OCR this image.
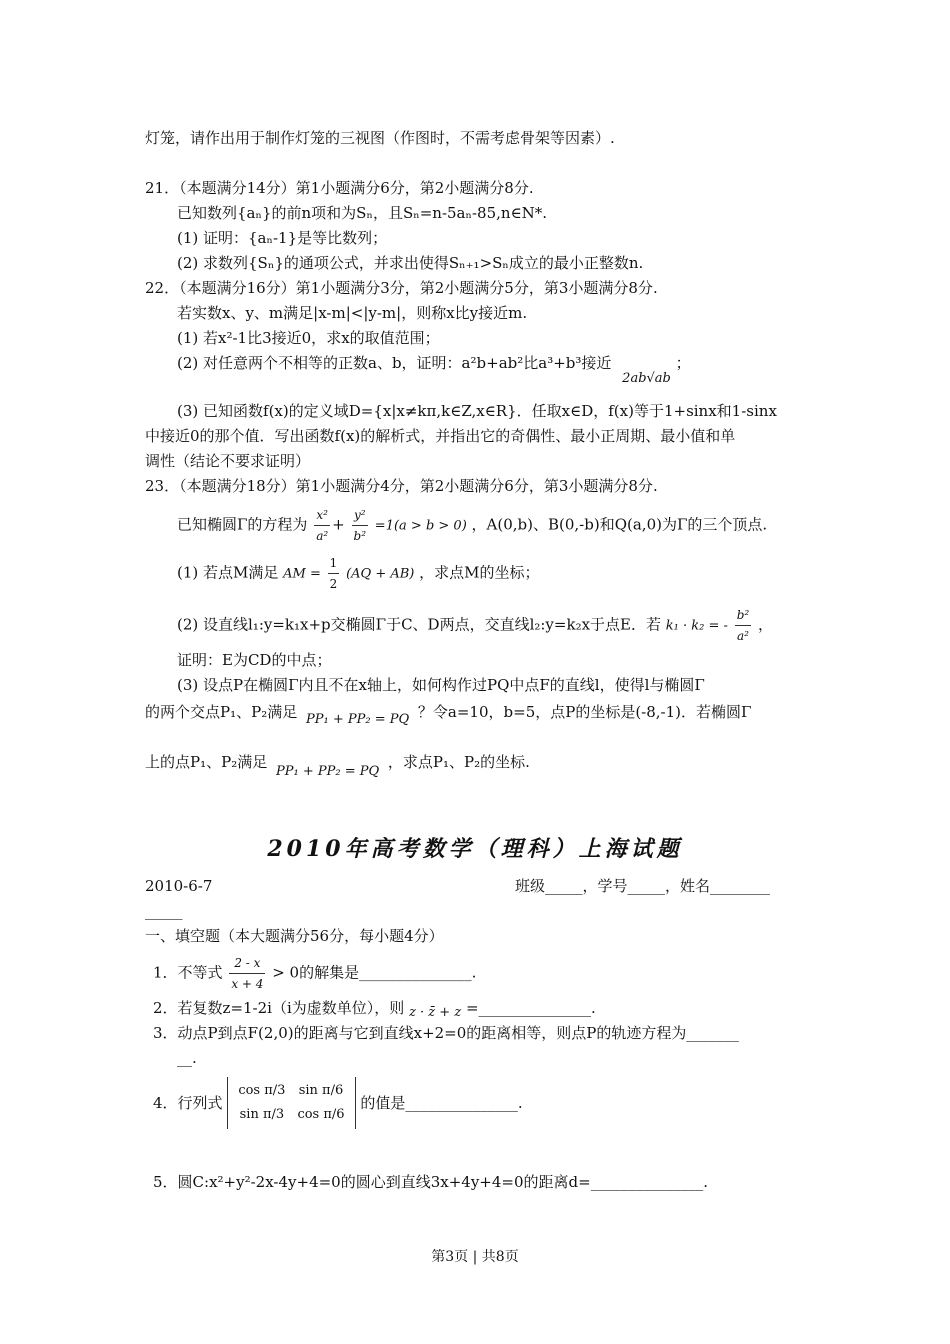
灯笼，请作出用于制作灯笼的三视图（作图时，不需考虑骨架等因素）.
21．（本题满分14分）第1小题满分6分，第2小题满分8分.
已知数列{aₙ}的前n项和为Sₙ，且Sₙ=n-5aₙ-85,n∈N*.
(1) 证明：{aₙ-1}是等比数列；
(2) 求数列{Sₙ}的通项公式，并求出使得Sₙ₊₁>Sₙ成立的最小正整数n.
22．（本题满分16分）第1小题满分3分，第2小题满分5分，第3小题满分8分.
若实数x、y、m满足|x-m|<|y-m|，则称x比y接近m.
(1) 若x²-1比3接近0，求x的取值范围；
(2) 对任意两个不相等的正数a、b，证明：a²b+ab²比a³+b³接近 2ab√ab ；
(3) 已知函数f(x)的定义域D={x|x≠kπ,k∈Z,x∈R}．任取x∈D，f(x)等于1+sinx和1-sinx
中接近0的那个值．写出函数f(x)的解析式，并指出它的奇偶性、最小正周期、最小值和单
调性（结论不要求证明）
23．（本题满分18分）第1小题满分4分，第2小题满分6分，第3小题满分8分.
已知椭圆Γ的方程为 $\frac{\text{x²}}{\text{a²}} + \frac{\text{y²}}{\text{b²}} =1(a > b > 0)$ ，A(0,b)、B(0,-b)和Q(a,0)为Γ的三个顶点.
(1) 若点M满足 AM = $\frac{1}{2} (AQ + AB)$ ，求点M的坐标；
(2) 设直线l₁:y=k₁x+p交椭圆Γ于C、D两点，交直线l₂:y=k₂x于点E．若 k₁ · k₂ = - $\frac{\text{b²}}{\text{a²}}$ ，
证明：E为CD的中点；
(3) 设点P在椭圆Γ内且不在x轴上，如何构作过PQ中点F的直线l，使得l与椭圆Γ
的两个交点P₁、P₂满足 PP₁ + PP₂ = PQ ？令a=10，b=5，点P的坐标是(-8,-1)．若椭圆Γ
上的点P₁、P₂满足 PP₁ + PP₂ = PQ ，求点P₁、P₂的坐标.
2010年高考数学（理科）上海试题
2010-6-7	班级_____，学号_____，姓名________
_____
一、填空题（本大题满分56分，每小题4分）
1．不等式 $\frac{2 - x}{x + 4} > 0$的解集是_______________.
2．若复数z=1-2i（i为虚数单位），则 z · z̄ + z =_______________.
3．动点P到点F(2,0)的距离与它到直线x+2=0的距离相等，则点P的轨迹方程为_______
__.
4．行列式
cos π/3	sin π/6
sin π/3	cos π/6
的值是_______________.
5．圆C:x²+y²-2x-4y+4=0的圆心到直线3x+4y+4=0的距离d=_______________.
第3页 | 共8页
